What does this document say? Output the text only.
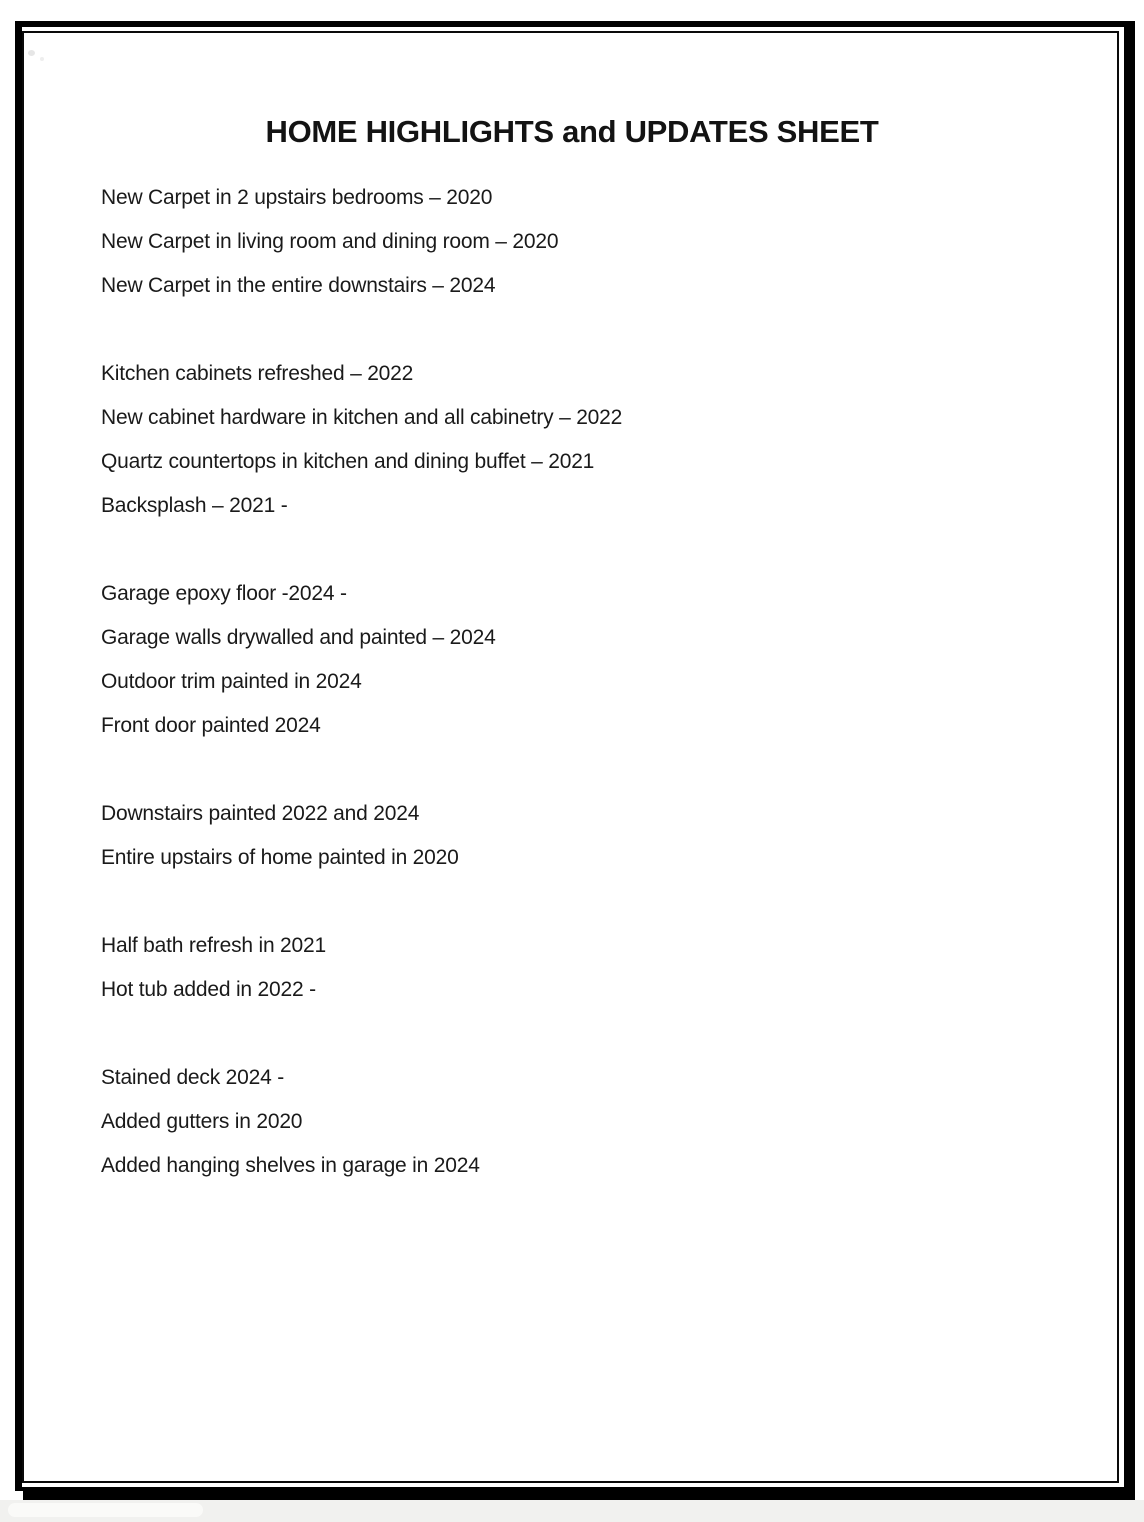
HOME HIGHLIGHTS and UPDATES SHEET
New Carpet in 2 upstairs bedrooms – 2020
New Carpet in living room and dining room – 2020
New Carpet in the entire downstairs – 2024
Kitchen cabinets refreshed – 2022
New cabinet hardware in kitchen and all cabinetry – 2022
Quartz countertops in kitchen and dining buffet – 2021
Backsplash – 2021 -
Garage epoxy floor -2024 -
Garage walls drywalled and painted – 2024
Outdoor trim painted in 2024
Front door painted 2024
Downstairs painted 2022 and 2024
Entire upstairs of home painted in 2020
Half bath refresh in 2021
Hot tub added in 2022 -
Stained deck 2024 -
Added gutters in 2020
Added hanging shelves in garage in 2024
